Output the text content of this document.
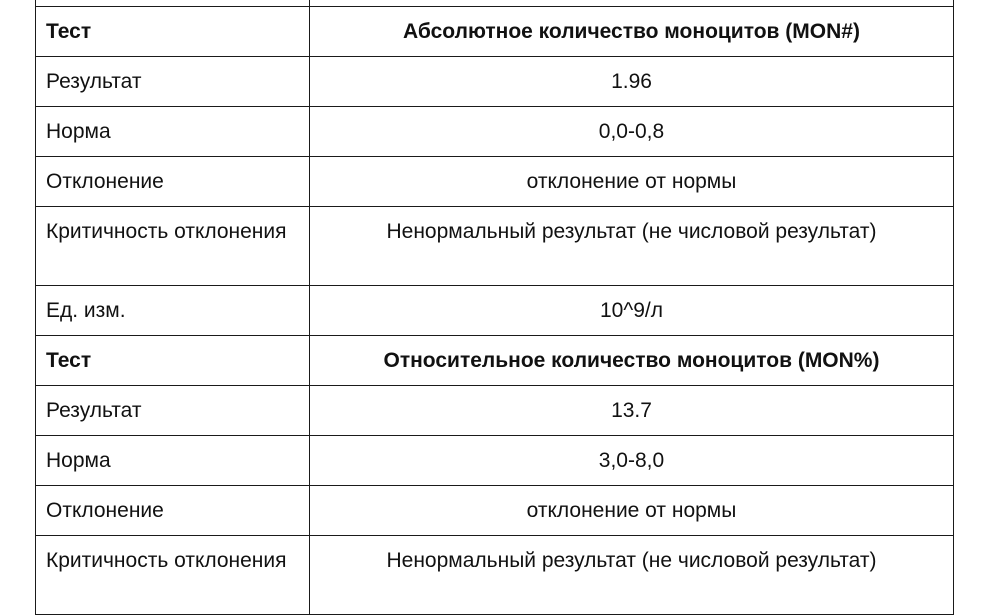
Тест	Абсолютное количество моноцитов (MON#)
Результат	1.96
Норма	0,0-0,8
Отклонение	отклонение от нормы
Критичность отклонения	Ненормальный результат (не числовой результат)
Ед. изм.	10^9/л
Тест	Относительное количество моноцитов (MON%)
Результат	13.7
Норма	3,0-8,0
Отклонение	отклонение от нормы
Критичность отклонения	Ненормальный результат (не числовой результат)
